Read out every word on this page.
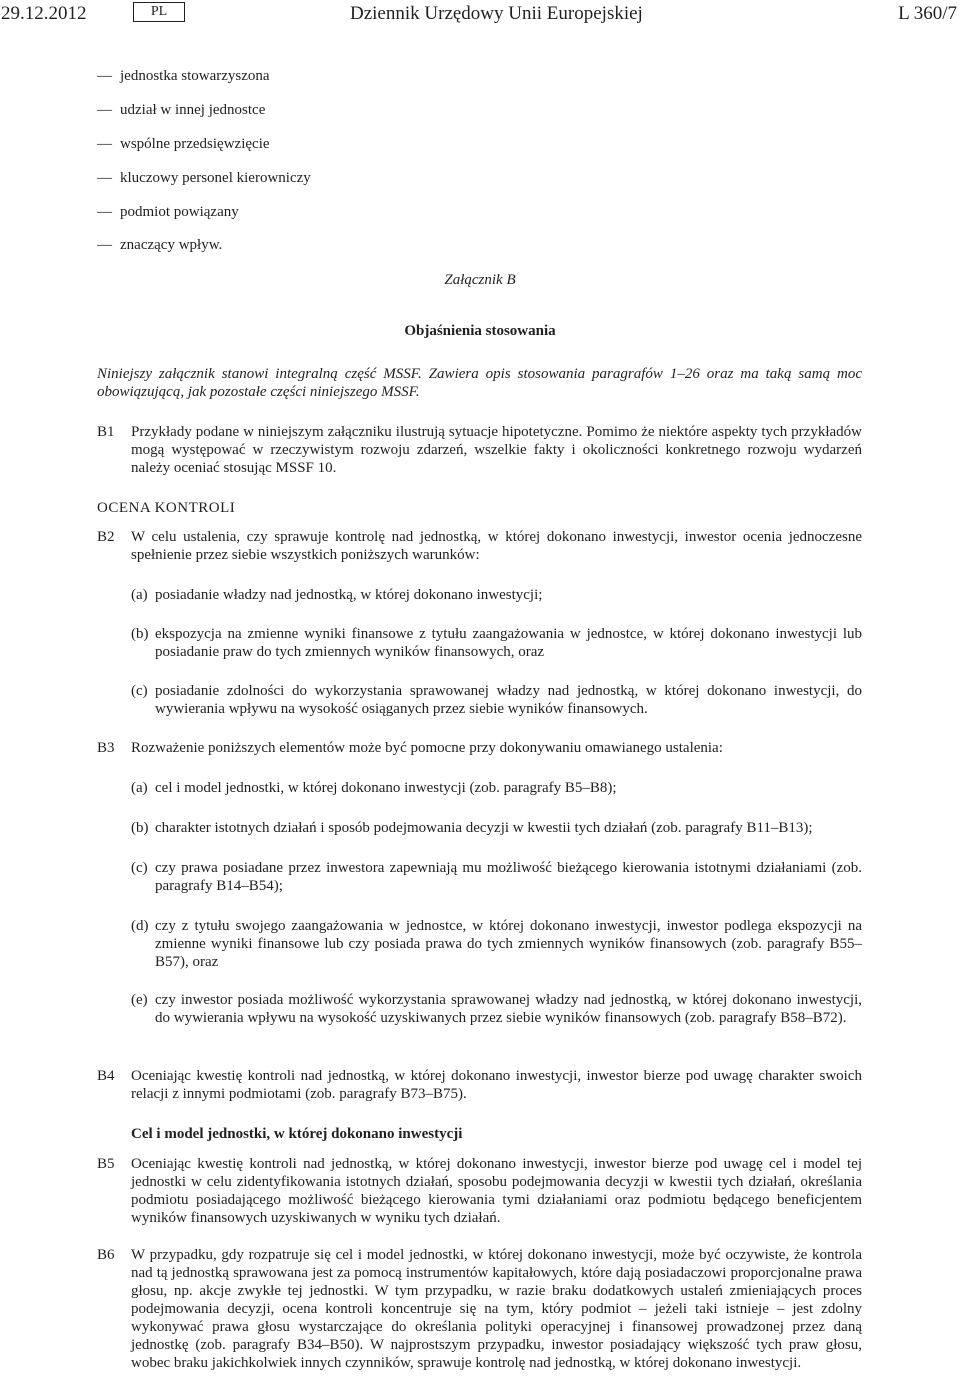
29.12.2012	PL	Dziennik Urzędowy Unii Europejskiej	L 360/7
— jednostka stowarzyszona
— udział w innej jednostce
— wspólne przedsięwzięcie
— kluczowy personel kierowniczy
— podmiot powiązany
— znaczący wpływ.
Załącznik B
Objaśnienia stosowania
Niniejszy załącznik stanowi integralną część MSSF. Zawiera opis stosowania paragrafów 1–26 oraz ma taką samą moc obowiązującą, jak pozostałe części niniejszego MSSF.
B1 Przykłady podane w niniejszym załączniku ilustrują sytuacje hipotetyczne. Pomimo że niektóre aspekty tych przykładów mogą występować w rzeczywistym rozwoju zdarzeń, wszelkie fakty i okoliczności konkretnego rozwoju wydarzeń należy oceniać stosując MSSF 10.
OCENA KONTROLI
B2 W celu ustalenia, czy sprawuje kontrolę nad jednostką, w której dokonano inwestycji, inwestor ocenia jednoczesne spełnienie przez siebie wszystkich poniższych warunków:
(a) posiadanie władzy nad jednostką, w której dokonano inwestycji;
(b) ekspozycja na zmienne wyniki finansowe z tytułu zaangażowania w jednostce, w której dokonano inwestycji lub posiadanie praw do tych zmiennych wyników finansowych, oraz
(c) posiadanie zdolności do wykorzystania sprawowanej władzy nad jednostką, w której dokonano inwestycji, do wywierania wpływu na wysokość osiąganych przez siebie wyników finansowych.
B3 Rozważenie poniższych elementów może być pomocne przy dokonywaniu omawianego ustalenia:
(a) cel i model jednostki, w której dokonano inwestycji (zob. paragrafy B5–B8);
(b) charakter istotnych działań i sposób podejmowania decyzji w kwestii tych działań (zob. paragrafy B11–B13);
(c) czy prawa posiadane przez inwestora zapewniają mu możliwość bieżącego kierowania istotnymi działaniami (zob. paragrafy B14–B54);
(d) czy z tytułu swojego zaangażowania w jednostce, w której dokonano inwestycji, inwestor podlega ekspozycji na zmienne wyniki finansowe lub czy posiada prawa do tych zmiennych wyników finansowych (zob. paragrafy B55–B57), oraz
(e) czy inwestor posiada możliwość wykorzystania sprawowanej władzy nad jednostką, w której dokonano inwestycji, do wywierania wpływu na wysokość uzyskiwanych przez siebie wyników finansowych (zob. paragrafy B58–B72).
B4 Oceniając kwestię kontroli nad jednostką, w której dokonano inwestycji, inwestor bierze pod uwagę charakter swoich relacji z innymi podmiotami (zob. paragrafy B73–B75).
Cel i model jednostki, w której dokonano inwestycji
B5 Oceniając kwestię kontroli nad jednostką, w której dokonano inwestycji, inwestor bierze pod uwagę cel i model tej jednostki w celu zidentyfikowania istotnych działań, sposobu podejmowania decyzji w kwestii tych działań, określania podmiotu posiadającego możliwość bieżącego kierowania tymi działaniami oraz podmiotu będącego beneficjentem wyników finansowych uzyskiwanych w wyniku tych działań.
B6 W przypadku, gdy rozpatruje się cel i model jednostki, w której dokonano inwestycji, może być oczywiste, że kontrola nad tą jednostką sprawowana jest za pomocą instrumentów kapitałowych, które dają posiadaczowi proporcjonalne prawa głosu, np. akcje zwykłe tej jednostki. W tym przypadku, w razie braku dodatkowych ustaleń zmieniających proces podejmowania decyzji, ocena kontroli koncentruje się na tym, który podmiot – jeżeli taki istnieje – jest zdolny wykonywać prawa głosu wystarczające do określania polityki operacyjnej i finansowej prowadzonej przez daną jednostkę (zob. paragrafy B34–B50). W najprostszym przypadku, inwestor posiadający większość tych praw głosu, wobec braku jakichkolwiek innych czynników, sprawuje kontrolę nad jednostką, w której dokonano inwestycji.
